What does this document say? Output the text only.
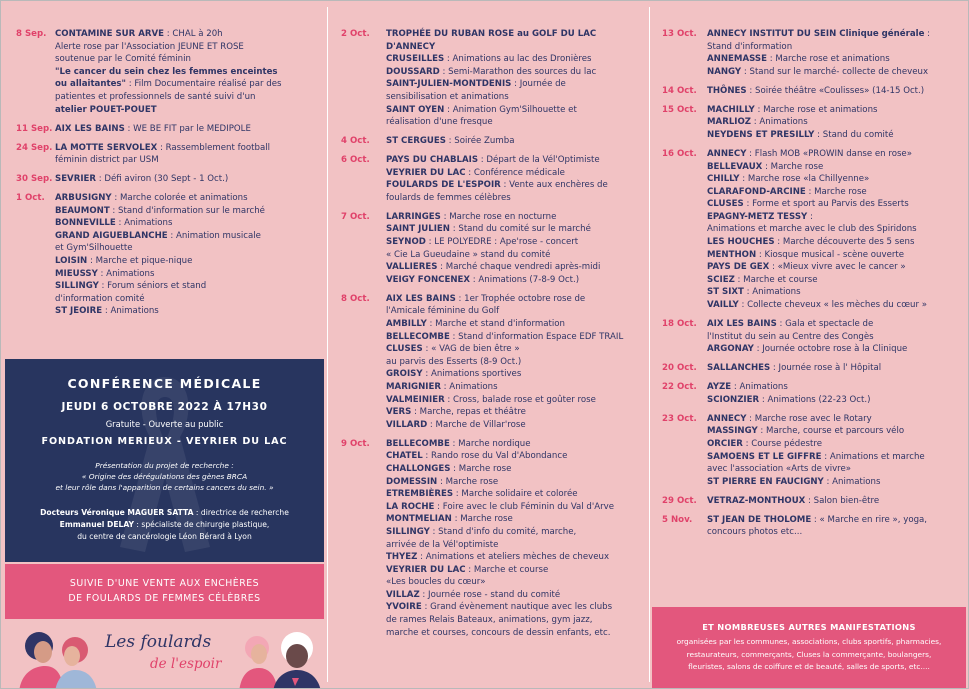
8 Sep. CONTAMINE SUR ARVE : CHAL à 20h
Alerte rose par l'Association JEUNE ET ROSE
soutenue par le Comité féminin
"Le cancer du sein chez les femmes enceintes
ou allaitantes" : Film Documentaire réalisé par des
patientes et professionnels de santé suivi d'un
atelier POUET-POUET
11 Sep. AIX LES BAINS : WE BE FIT par le MEDIPOLE
24 Sep. LA MOTTE SERVOLEX : Rassemblement football
féminin district par USM
30 Sep. SEVRIER : Défi aviron (30 Sept - 1 Oct.)
1 Oct.	ARBUSIGNY : Marche colorée et animations
BEAUMONT : Stand d'information sur le marché
BONNEVILLE : Animations
GRAND AIGUEBLANCHE : Animation musicale
et Gym'Silhouette
LOISIN : Marche et pique-nique
MIEUSSY : Animations
SILLINGY : Forum séniors et stand
d'information comité
ST JEOIRE : Animations
CONFÉRENCE MÉDICALE
JEUDI 6 OCTOBRE 2022 À 17H30
Gratuite - Ouverte au public
FONDATION MERIEUX - VEYRIER DU LAC
Présentation du projet de recherche :
« Origine des dérégulations des gènes BRCA
et leur rôle dans l'apparition de certains cancers du sein. »
Docteurs Véronique MAGUER SATTA : directrice de recherche
Emmanuel DELAY : spécialiste de chirurgie plastique,
du centre de cancérologie Léon Bérard à Lyon
SUIVIE D'UNE VENTE AUX ENCHÈRES
DE FOULARDS DE FEMMES CÉLÈBRES
Les foulards
de l'espoir
2 Oct.	TROPHÉE DU RUBAN ROSE au GOLF DU LAC
D'ANNECY
CRUSEILLES : Animations au lac des Dronières
DOUSSARD : Semi-Marathon des sources du lac
SAINT-JULIEN-MONTDENIS : Journée de
sensibilisation et animations
SAINT OYEN : Animation Gym'Silhouette et
réalisation d'une fresque
4 Oct.	ST CERGUES : Soirée Zumba
6 Oct.	PAYS DU CHABLAIS : Départ de la Vél'Optimiste
VEYRIER DU LAC : Conférence médicale
FOULARDS DE L'ESPOIR : Vente aux enchères de
foulards de femmes célèbres
7 Oct.	LARRINGES : Marche rose en nocturne
SAINT JULIEN : Stand du comité sur le marché
SEYNOD : LE POLYEDRE : Ape'rose - concert
« Cie La Gueudaine » stand du comité
VALLIERES : Marché chaque vendredi après-midi
VEIGY FONCENEX : Animations (7-8-9 Oct.)
8 Oct.	AIX LES BAINS : 1er Trophée octobre rose de
l'Amicale féminine du Golf
AMBILLY : Marche et stand d'information
BELLECOMBE : Stand d'information Espace EDF TRAIL
CLUSES : « VAG de bien être »
au parvis des Esserts (8-9 Oct.)
GROISY : Animations sportives
MARIGNIER : Animations
VALMEINIER : Cross, balade rose et goûter rose
VERS : Marche, repas et théâtre
VILLARD : Marche de Villar'rose
9 Oct.	BELLECOMBE : Marche nordique
CHATEL : Rando rose du Val d'Abondance
CHALLONGES : Marche rose
DOMESSIN : Marche rose
ETREMBIÈRES : Marche solidaire et colorée
LA ROCHE : Foire avec le club Féminin du Val d'Arve
MONTMELIAN : Marche rose
SILLINGY : Stand d'info du comité, marche,
arrivée de la Vél'optimiste
THYEZ : Animations et ateliers mèches de cheveux
VEYRIER DU LAC : Marche et course
«Les boucles du cœur»
VILLAZ : Journée rose - stand du comité
YVOIRE : Grand évènement nautique avec les clubs
de rames Relais Bateaux, animations, gym jazz,
marche et courses, concours de dessin enfants, etc.
13 Oct.	ANNECY INSTITUT DU SEIN Clinique générale :
Stand d'information
ANNEMASSE : Marche rose et animations
NANGY : Stand sur le marché- collecte de cheveux
14 Oct.	THÔNES : Soirée théâtre «Coulisses» (14-15 Oct.)
15 Oct.	MACHILLY : Marche rose et animations
MARLIOZ : Animations
NEYDENS ET PRESILLY : Stand du comité
16 Oct.	ANNECY : Flash MOB «PROWIN danse en rose»
BELLEVAUX : Marche rose
CHILLY : Marche rose «la Chillyenne»
CLARAFOND-ARCINE : Marche rose
CLUSES : Forme et sport au Parvis des Esserts
EPAGNY-METZ TESSY :
Animations et marche avec le club des Spiridons
LES HOUCHES : Marche découverte des 5 sens
MENTHON : Kiosque musical - scène ouverte
PAYS DE GEX : «Mieux vivre avec le cancer »
SCIEZ : Marche et course
ST SIXT : Animations
VAILLY : Collecte cheveux « les mèches du cœur »
18 Oct.	AIX LES BAINS : Gala et spectacle de
l'Institut du sein au Centre des Congès
ARGONAY : Journée octobre rose à la Clinique
20 Oct.	SALLANCHES : Journée rose à l' Hôpital
22 Oct.	AYZE : Animations
SCIONZIER : Animations (22-23 Oct.)
23 Oct.	ANNECY : Marche rose avec le Rotary
MASSINGY : Marche, course et parcours vélo
ORCIER : Course pédestre
SAMOENS ET LE GIFFRE : Animations et marche
avec l'association «Arts de vivre»
ST PIERRE EN FAUCIGNY : Animations
29 Oct.	VETRAZ-MONTHOUX : Salon bien-être
5 Nov.	ST JEAN DE THOLOME : « Marche en rire », yoga,
concours photos etc...
ET NOMBREUSES AUTRES MANIFESTATIONS
organisées par les communes, associations, clubs sportifs, pharmacies,
restaurateurs, commerçants, Cluses la commerçante, boulangers,
fleuristes, salons de coiffure et de beauté, salles de sports, etc....
